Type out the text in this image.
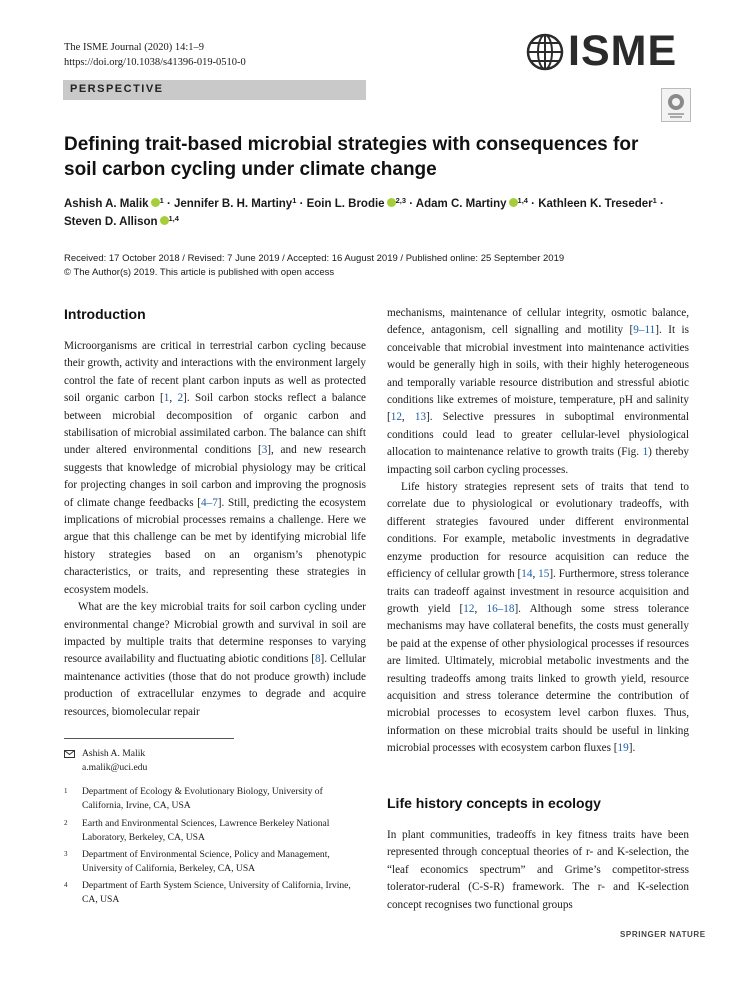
The ISME Journal (2020) 14:1–9
https://doi.org/10.1038/s41396-019-0510-0	ISME
PERSPECTIVE
Defining trait-based microbial strategies with consequences for soil carbon cycling under climate change
Ashish A. Malik $^1$ · Jennifer B. H. Martiny$^1$ · Eoin L. Brodie $^{2,3}$ · Adam C. Martiny $^{1,4}$ · Kathleen K. Treseder$^1$ ·
Steven D. Allison $^{1,4}$
Received: 17 October 2018 / Revised: 7 June 2019 / Accepted: 16 August 2019 / Published online: 25 September 2019
© The Author(s) 2019. This article is published with open access
Introduction

Microorganisms are critical in terrestrial carbon cycling because their growth, activity and interactions with the environment largely control the fate of recent plant carbon inputs as well as protected soil organic carbon [1, 2]. Soil carbon stocks reflect a balance between microbial decomposition of organic carbon and stabilisation of microbial assimilated carbon. The balance can shift under altered environmental conditions [3], and new research suggests that knowledge of microbial physiology may be critical for projecting changes in soil carbon and improving the prognosis of climate change feedbacks [4–7]. Still, predicting the ecosystem implications of microbial processes remains a challenge. Here we argue that this challenge can be met by identifying microbial life history strategies based on an organism’s phenotypic characteristics, or traits, and representing these strategies in ecosystem models.

What are the key microbial traits for soil carbon cycling under environmental change? Microbial growth and survival in soil are impacted by multiple traits that determine responses to varying resource availability and fluctuating abiotic conditions [8]. Cellular maintenance activities (those that do not produce growth) include production of extracellular enzymes to degrade and acquire resources, biomolecular repair

Ashish A. Malik
a.malik@uci.edu
1 Department of Ecology & Evolutionary Biology, University of California, Irvine, CA, USA
2 Earth and Environmental Sciences, Lawrence Berkeley National Laboratory, Berkeley, CA, USA
3 Department of Environmental Science, Policy and Management, University of California, Berkeley, CA, USA
4 Department of Earth System Science, University of California, Irvine, CA, USA

mechanisms, maintenance of cellular integrity, osmotic balance, defence, antagonism, cell signalling and motility [9–11]. It is conceivable that microbial investment into maintenance activities would be generally high in soils, with their highly heterogeneous and temporally variable resource distribution and stressful abiotic conditions like extremes of moisture, temperature, pH and salinity [12, 13]. Selective pressures in suboptimal environmental conditions could lead to greater cellular-level physiological allocation to maintenance relative to growth traits (Fig. 1) thereby impacting soil carbon cycling processes.

Life history strategies represent sets of traits that tend to correlate due to physiological or evolutionary tradeoffs, with different strategies favoured under different environmental conditions. For example, metabolic investments in degradative enzyme production for resource acquisition can reduce the efficiency of cellular growth [14, 15]. Furthermore, stress tolerance traits can tradeoff against investment in resource acquisition and growth yield [12, 16–18]. Although some stress tolerance mechanisms may have collateral benefits, the costs must generally be paid at the expense of other physiological processes if resources are limited. Ultimately, microbial metabolic investments and the resulting tradeoffs among traits linked to growth yield, resource acquisition and stress tolerance determine the contribution of microbial processes to ecosystem level carbon fluxes. Thus, information on these microbial traits should be useful in linking microbial processes with ecosystem carbon fluxes [19].

Life history concepts in ecology

In plant communities, tradeoffs in key fitness traits have been represented through conceptual theories of r- and K-selection, the “leaf economics spectrum” and Grime’s competitor-stress tolerator-ruderal (C-S-R) framework. The r- and K-selection concept recognises two functional groups

SPRINGER NATURE
